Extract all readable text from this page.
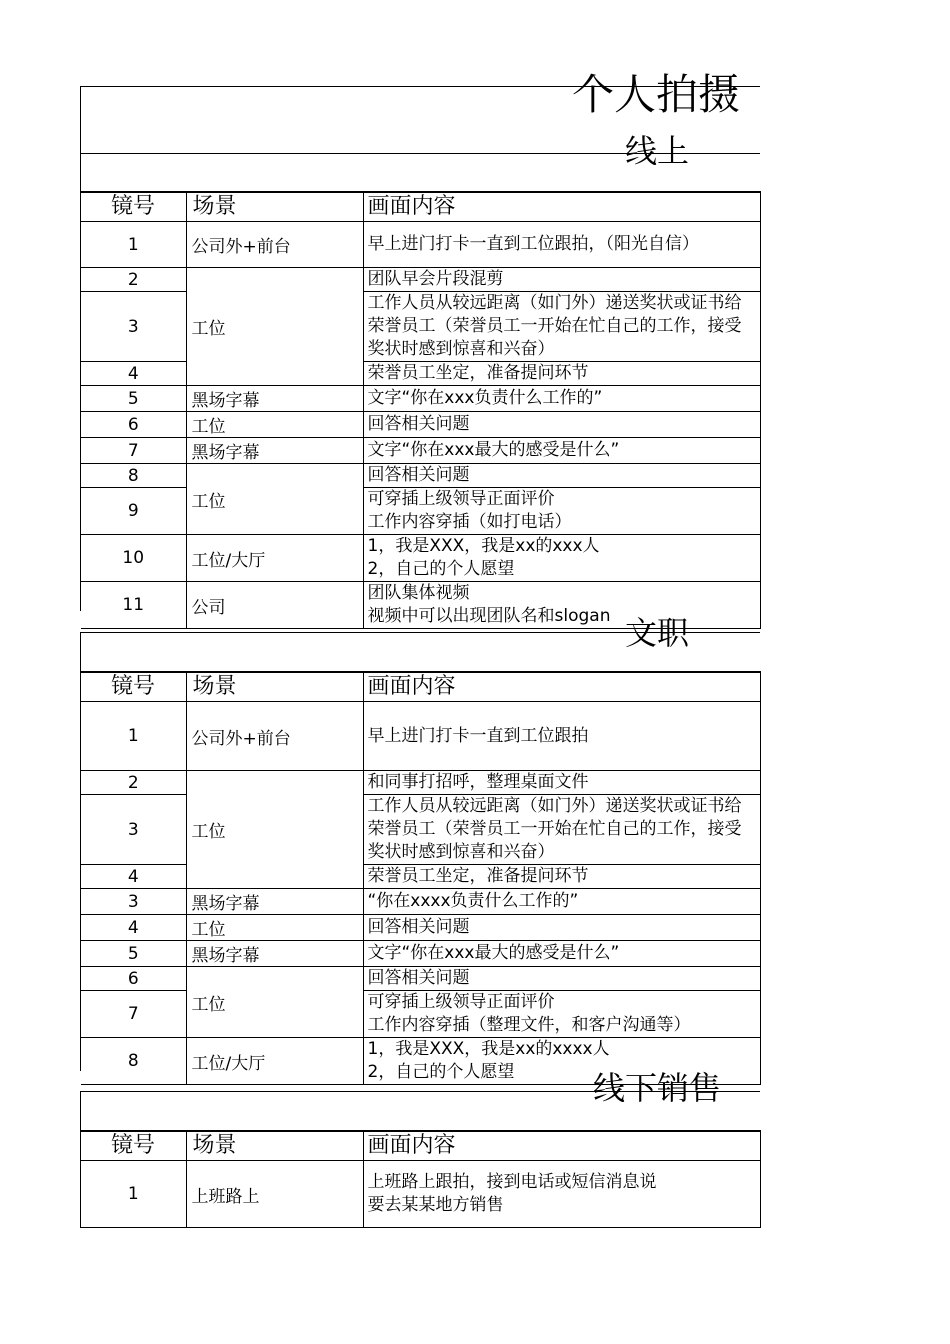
个人拍摄
线上
镜号	场景	画面内容
1	公司外+前台	早上进门打卡一直到工位跟拍，（阳光自信）

2	工位	团队早会片段混剪

3		工作人员从较远距离（如门外）递送奖状或证书给
荣誉员工（荣誉员工一开始在忙自己的工作，接受
奖状时感到惊喜和兴奋）

4		荣誉员工坐定，准备提问环节

5	黑场字幕	文字“你在xxx负责什么工作的”

6	工位	回答相关问题

7	黑场字幕	文字“你在xxx最大的感受是什么”

8	工位	回答相关问题

9		可穿插上级领导正面评价
工作内容穿插（如打电话）

10	工位/大厅	1，我是XXX，我是xx的xxx人
2，自己的个人愿望

11	公司	团队集体视频
视频中可以出现团队名和slogan 文职
镜号	场景	画面内容
1	公司外+前台	早上进门打卡一直到工位跟拍

2	工位	和同事打招呼，整理桌面文件

3		工作人员从较远距离（如门外）递送奖状或证书给
荣誉员工（荣誉员工一开始在忙自己的工作，接受
奖状时感到惊喜和兴奋）

4		荣誉员工坐定，准备提问环节

3	黑场字幕	“你在xxxx负责什么工作的”

4	工位	回答相关问题

5	黑场字幕	文字“你在xxx最大的感受是什么”

6	工位	回答相关问题

7		可穿插上级领导正面评价
工作内容穿插（整理文件，和客户沟通等）

8	工位/大厅	1，我是XXX，我是xx的xxxx人
2，自己的个人愿望	线下销售
镜号	场景	画面内容
1	上班路上	上班路上跟拍，接到电话或短信消息说
要去某某地方销售
